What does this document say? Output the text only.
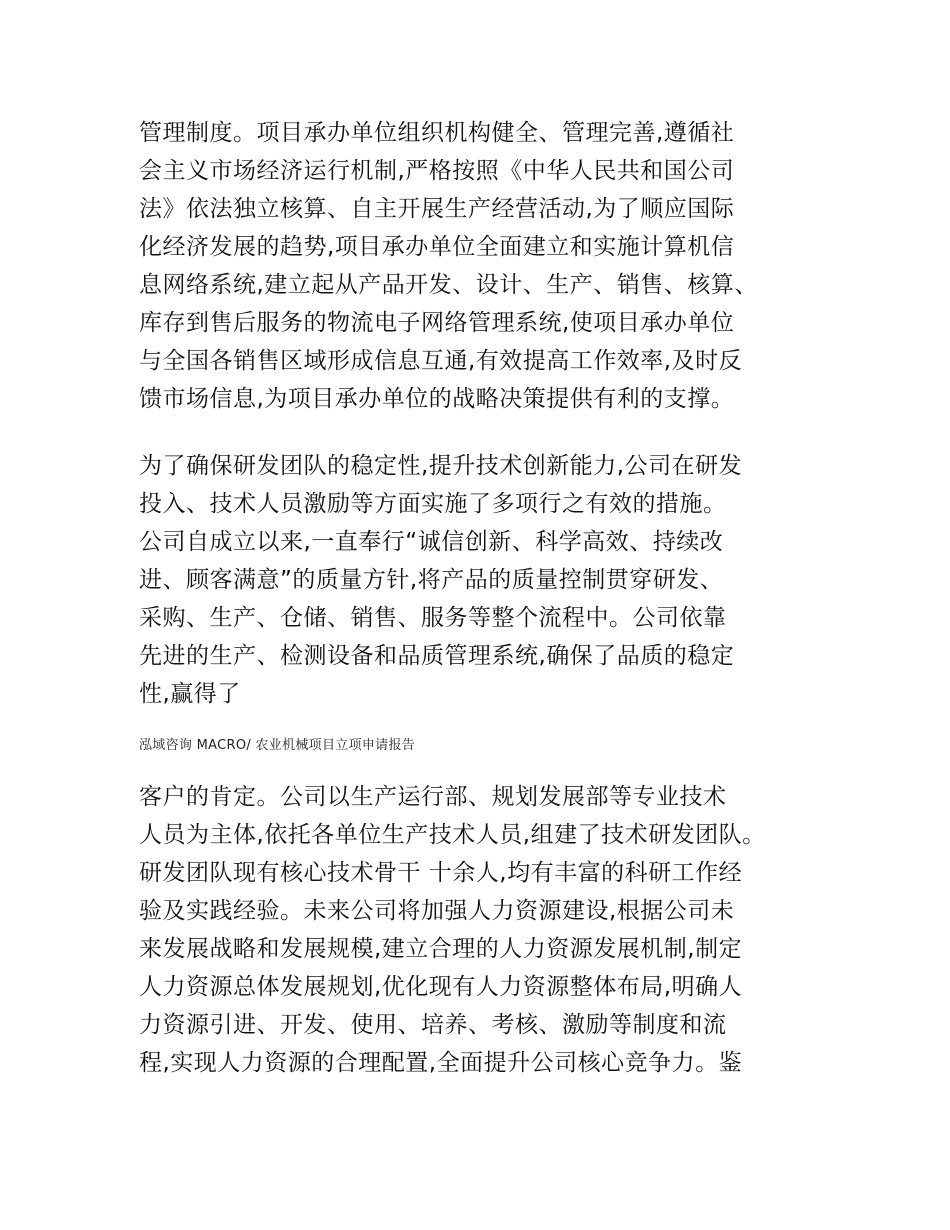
管理制度。项目承办单位组织机构健全、管理完善,遵循社
会主义市场经济运行机制,严格按照《中华人民共和国公司
法》依法独立核算、自主开展生产经营活动,为了顺应国际
化经济发展的趋势,项目承办单位全面建立和实施计算机信
息网络系统,建立起从产品开发、设计、生产、销售、核算、
库存到售后服务的物流电子网络管理系统,使项目承办单位
与全国各销售区域形成信息互通,有效提高工作效率,及时反
馈市场信息,为项目承办单位的战略决策提供有利的支撑。
为了确保研发团队的稳定性,提升技术创新能力,公司在研发
投入、技术人员激励等方面实施了多项行之有效的措施。
公司自成立以来,一直奉行“诚信创新、科学高效、持续改
进、顾客满意”的质量方针,将产品的质量控制贯穿研发、
采购、生产、仓储、销售、服务等整个流程中。公司依靠
先进的生产、检测设备和品质管理系统,确保了品质的稳定
性,赢得了
泓域咨询 MACRO/ 农业机械项目立项申请报告
客户的肯定。公司以生产运行部、规划发展部等专业技术
人员为主体,依托各单位生产技术人员,组建了技术研发团队。
研发团队现有核心技术骨干 十余人,均有丰富的科研工作经
验及实践经验。未来公司将加强人力资源建设,根据公司未
来发展战略和发展规模,建立合理的人力资源发展机制,制定
人力资源总体发展规划,优化现有人力资源整体布局,明确人
力资源引进、开发、使用、培养、考核、激励等制度和流
程,实现人力资源的合理配置,全面提升公司核心竞争力。鉴
